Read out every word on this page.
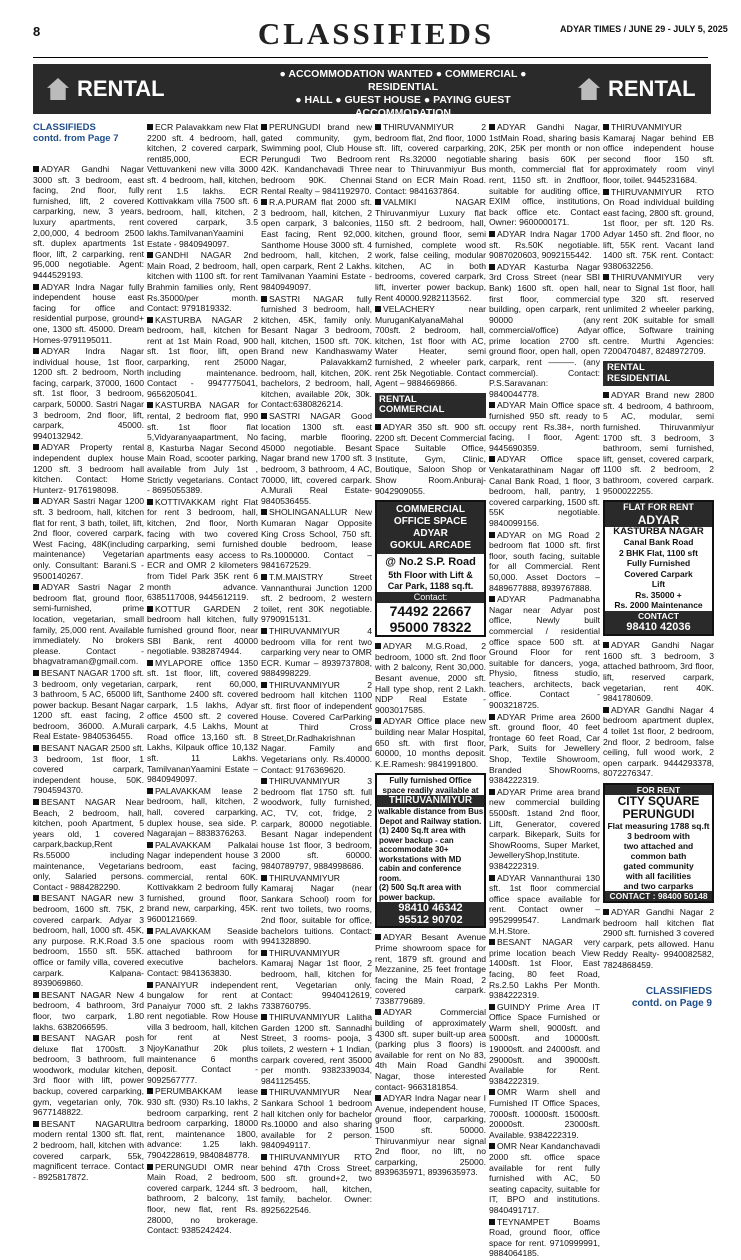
8	CLASSIFIEDS	ADYAR TIMES / JUNE 29 - JULY 5, 2025
RENTAL
● ACCOMMODATION WANTED ● COMMERCIAL ● RESIDENTIAL
● HALL ● GUEST HOUSE ● PAYING GUEST ACCOMMODATION
RENTAL
CLASSIFIEDS
contd. from Page 7
ADYAR Gandhi Nagar 3000 sft. 3 bedroom, east facing, 2nd floor, fully furnished, lift, 2 covered carparking, new, 3 years, luxury apartments, rent 2,00,000, 4 bedroom 2500 sft. duplex apartments 1st floor, lift, 2 carparking, rent 95,000 negotiable. Agent: 9444529193.
ADYAR Indra Nagar fully independent house east facing for office and residential purpose, ground+ one, 1300 sft. 45000. Dream Homes-9791195011.
ADYAR Indra Nagar individual house, 1st floor, 1200 sft. 2 bedroom, North facing, carpark, 37000, 1600 sft. 1st floor, 3 bedroom, carpark, 50000. Sastri Nagar 3 bedroom, 2nd floor, lift, carpark, 45000. 9940132942.
ADYAR Property rental independent duplex house 1200 sft. 3 bedroom hall kitchen. Contact: Home Hunterz- 9176198098.
ADYAR Sastri Nagar 1200 sft. 3 bedroom, hall, kitchen flat for rent, 3 bath, toilet, lift, 2nd floor, covered carpark, West Facing, 48K(including maintenance) Vegetarian only. Consultant: Barani.S - 9500140267.
ADYAR Sastri Nagar 2 bedroom flat, ground floor, semi-furnished, prime location, vegetarian, small family, 25,000 rent. Available immediately. No brokers please. Contact - bhagvatraman@gmail.com.
BESANT NAGAR 1700 sft. 3 bedroom, only vegetarian, 3 bathroom, 5 AC, 65000 lift, power backup. Besant Nagar 1200 sft. east facing, 2 bedroom, 36000. A.Murali Real Estate- 9840536455.
BESANT NAGAR 2500 sft. 3 bedroom, 1st floor, 1 covered carpark, independent house, 50K. 7904594370.
BESANT NAGAR Near Beach, 2 bedroom, hall, kitchen, pooh Apartment, 5 years old, 1 covered carpark,backup,Rent Rs.55000 including maintenance, Vegetarians only, Salaried persons. Contact - 9884282290.
BESANT NAGAR new 3 bedroom, 1600 sft. 75K, 2 covered carpark. Adyar 3 bedroom, hall, 1000 sft. 45K, any purpose. R.K.Road 3.5 bedroom, 1550 sft. 55K. office or family villa, covered carpark. Kalpana-8939069860.
BESANT NAGAR New 4 bedroom, 4 bathroom, 3rd floor, two carpark, 1.80 lakhs. 6382066595.
BESANT NAGAR posh deluxe flat 1700sft. 3 bedroom, 3 bathroom, full woodwork, modular kitchen, 3rd floor with lift, power backup, covered carparking, gym, vegetarian only, 70k. 9677148822.
BESANT NAGARUltra modern rental 1300 sft. flat, 2 bedroom, hall, kitchen with covered carpark, 55k, magnificent terrace. Contact - 8925817872.
ECR Palavakkam new Flat 2200 sft. 4 bedroom, hall, kitchen, 2 covered carpark, rent85,000, ECR Vettuvankeni new villa 3000 sft. 4 bedroom, hall, kitchen, rent 1.5 lakhs. ECR Kottivakkam villa 7500 sft. 6 bedroom, hall, kitchen, 2 covered carpark, 3.5 lakhs.TamilvananYaamini Estate - 9840949097.
GANDHI NAGAR 2nd Main Road, 2 bedroom, hall, kitchen with 1100 sft. for rent Brahmin families only, Rent Rs.35000/per month. Contact: 9791819332.
KASTURBA NAGAR 2 bedroom, hall, kitchen for rent at 1st Main Road, 900 sft. 1st floor, lift, open carparking, rent 25000 including maintenance. Contact - 9947775041, 9656205041.
KASTURBA NAGAR for rental, 2 bedroom flat, 990 sft. 1st floor flat 5,Vidyaranyaapartment, No 8, Kasturba Nagar Second Main Road, scooter parking, available from July 1st , Strictly vegetarians. Contact - 8695055389.
KOTTIVAKKAM right Flat for rent 3 bedroom, hall, kitchen, 2nd floor, North facing with two covered carparking, semi furnished apartments easy access to ECR and OMR 2 kilometers from Tidel Park 35K rent 6 month advance. 6385117008, 9445612119.
KOTTUR GARDEN 2 bedroom hall kitchen, fully furnished ground floor, near SBI Bank, rent 40000 negotiable. 9382874944.
MYLAPORE office 1350 sft. 1st floor, lift, covered carpark, rent 60,000, Santhome 2400 sft. covered carpark, 1.5 lakhs, Adyar office 4500 sft. 2 covered carpark, 4.5 Lakhs, Mount Road office 13,160 sft. 8 Lakhs, Kilpauk office 10,132 sft. 11 Lakhs. TamilvananYaamini Estate – 9840949097.
PALAVAKKAM lease 2 bedroom, hall, kitchen, 2 hall, covered carparking, duplex house, sea side. P. Nagarajan – 8838376263.
PALAVAKKAM Palkalai Nagar independent house 3 bedroom, east facing, commercial, rental 60K. Kottivakkam 2 bedroom fully furnished, ground floor, brand new, carparking, 45K. 9600121669.
PALAVAKKAM Seaside one spacious room with attached bathroom for executive bachelors. Contact: 9841363830.
PANAIYUR independent bungalow for rent at Panaiyur 7000 sft. 2 lakhs rent negotiable. Row House villa 3 bedroom, hall, kitchen for rent at Nest NjoyKanathur 20k plus maintenance 6 months deposit. Contact - 9092567777.
PERUMBAKKAM lease 930 sft. (930) Rs.10 lakhs, 2 bedroom carparking, rent 2 bedroom carparking, 18000 rent, maintenance 1800, advance: 1.25 lakh. 7904228619, 9840848778.
PERUNGUDI OMR near Main Road, 2 bedroom, covered carpark, 1244 sft. 3 bathroom, 2 balcony, 1st floor, new flat, rent Rs. 28000, no brokerage. Contact: 9385242424.
PERUNGUDI brand new gated community, gym, Swimming pool, Club House Perungudi Two Bedroom 42K. Kandanchavadi Three bedroom 90K. Chennai Rental Realty – 9841192970.
R.A.PURAM flat 2000 sft. 3 bedroom, hall, kitchen, 2 open carpark, 3 balconies, East facing, Rent 92,000. Santhome House 3000 sft. 4 bedroom, hall, kitchen, 2 open carpark, Rent 2 Lakhs. Tamilvanan Yaamini Estate - 9840949097.
SASTRI NAGAR fully furnished 3 bedroom, hall, kitchen, 45K, family only. Besant Nagar 3 bedroom, hall, kitchen, 1500 sft. 70K. Brand new Kandhaswamy Nagar, Palavakkam2 bedroom, hall, kitchen, 20K. bachelors, 2 bedroom, hall, kitchen, available 20k, 30k. Contact:6380826214.
SASTRI NAGAR Good location 1300 sft. east facing, marble flooring, 45000 negotiable. Besant Nagar brand new 1700 sft. 3 bedroom, 3 bathroom, 4 AC, 70000, lift, covered carpark. A.Murali Real Estate- 9840536455.
SHOLINGANALLUR New Kumaran Nagar Opposite King Cross School, 750 sft. double bedroom, lease Rs.1000000. Contact – 9841672529.
T.M.MAISTRY Street Vannanthurai Junction 1200 sft. 2 bedroom, 2 western toilet, rent 30K negotiable. 9790915131.
THIRUVANMIYUR 4 bedroom villa for rent two carparking very near to OMR ECR. Kumar – 8939737808, 9884998229.
THIRUVANMIYUR 2 bedroom hall kitchen 1100 sft. first floor of independent House. Covered CarParking at Third Cross Street,Dr.Radhakrishnan Nagar. Family and Vegetarians only. Rs.40000. Contact: 9176369620.
THIRUVANMIYUR 3 bedroom flat 1750 sft. full woodwork, fully furnished, AC, TV, cot, fridge, 2 carpark, 80000 negotiable. Besant Nagar independent house 1st floor, 3 bedroom, 2000 sft. 60000. 9840789797, 9884998686.
THIRUVANMIYUR Kamaraj Nagar (near Sankara School) room for rent two toilets, two rooms, 2nd floor, suitable for office, bachelors tuitions. Contact: 9941328890.
THIRUVANMIYUR Kamaraj Nagar 1st floor, 2 bedroom, hall, kitchen for rent, Vegetarian only. Contact: 9940412619, 7338760795.
THIRUVANMIYUR Lalitha Garden 1200 sft. Sannadhi Street, 3 rooms- pooja, 3 toilets, 2 western + 1 Indian, carpark covered, rent 35000 per month. 9382339034, 9841125455.
THIRUVANMIYUR Near Sankara School 1 bedroom hall kitchen only for bachelor Rs.10000 and also sharing available for 2 person. 9840949117.
THIRUVANMIYUR RTO behind 47th Cross Street, 500 sft. ground+2, two bedroom, hall, kitchen, family, bachelor. Owner: 8925622546.
THIRUVANMIYUR 2 bedroom flat, 2nd floor, 1000 sft. lift, covered carparking, rent Rs.32000 negotiable near to Thiruvanmiyur Bus Stand on ECR Main Road. Contact: 9841637864.
VALMIKI NAGAR Thiruvanmiyur Luxury flat 1150 sft. 2 bedroom, hall, kitchen, ground floor, semi furnished, complete wood work, false ceiling, modular kitchen, AC in both bedrooms, covered carpark, lift, inverter power backup, Rent 40000.9282113562.
VELACHERY near MuruganKalyanaMahal 700sft. 2 bedroom, hall, kitchen, 1st floor with AC, Water Heater, semi furnished, 2 wheeler park, rent 25k Negotiable. Contact Agent – 9884669866.
RENTAL COMMERCIAL
ADYAR 350 sft. 900 sft. 2200 sft. Decent Commercial Space Suitable Office, Institute, Gym, Clinic, Boutique, Saloon Shop or Show Room.Anburaj- 9042909055.
COMMERCIAL
OFFICE SPACE
ADYAR
GOKUL ARCADE
@ No.2 S.P. Road
5th Floor with Lift &
Car Park, 1188 sq.ft.
Contact:
74492 22667
95000 78322
ADYAR M.G.Road, 2 bedroom, 1000 sft. 2nd floor with 2 balcony, Rent 30,000. Besant avenue, 2000 sft. Hall type shop, rent 2 Lakh. NDP Real Estate - 9003017585.
ADYAR Office place new building near Malar Hospital, 650 sft. with first floor, 60000, 10 months deposit. K.E.Ramesh: 9841991800.
Fully furnished Office space readily available at
THIRUVANMIYUR
walkable distance from Bus Depot and Railway station.
(1) 2400 Sq.ft area with power backup - can accommodate 30+ workstations with MD cabin and conference room.
(2) 500 Sq.ft area with power backup.
98410 46342
95512 90702
ADYAR Besant Avenue Prime showroom space for rent, 1879 sft. ground and Mezzanine, 25 feet frontage facing the Main Road, 2 covered carpark. 7338779689.
ADYAR Commercial building of approximately 4300 sft. super built-up area (parking plus 3 floors) is available for rent on No 83, 4th Main Road Gandhi Nagar, those interested contact- 9663181854.
ADYAR Indra Nagar near I Avenue, independent house, ground floor, carparking, 1500 sft. 50000. Thiruvanmiyur near signal 2nd floor, no lift, no carparking, 25000. 8939635971, 8939635973.
ADYAR Gandhi Nagar, 1stMain Road, sharing basis 20K, 25K per month or non sharing basis 60K per month, commercial flat for rent, 1150 sft. in 2ndfloor, suitable for auditing office, EXIM office, institutions, back office etc. Contact Owner: 9600000171.
ADYAR Indra Nagar 1700 sft. Rs.50K negotiable. 9087020603, 9092155442.
ADYAR Kasturba Nagar 3rd Cross Street (near SBI Bank) 1600 sft. open hall, first floor, commercial building, open carpark, rent 90000 (any commercial/office) Adyar prime location 2700 sft. ground floor, open hall, open carpark, rent ———. (any commercial). Contact: P.S.Saravanan: 9840044778.
ADYAR Main Office space furnished 950 sft. ready to occupy rent Rs.38+, north facing, I floor, Agent: 9445690359.
ADYAR Office space Venkatarathinam Nagar off Canal Bank Road, 1 floor, 3 bedroom, hall, pantry, 1 covered carparking, 1500 sft. 55K negotiable. 9840099156.
ADYAR on MG Road 2 bedroom flat 1000 sft. first floor, south facing, suitable for all Commercial. Rent 50,000. Asset Doctors – 8489677888, 8939767888.
ADYAR Padmanabha Nagar near Adyar post office, Newly built commercial / residential office space 500 sft. at Ground Floor for rent suitable for dancers, yoga, Physio, fitness studio, teachers, architects, back office. Contact - 9003218725.
ADYAR Prime area 2600 sft. ground floor, 40 feet frontage 60 feet Road, Car Park, Suits for Jewellery Shop, Textile Showroom, Branded ShowRooms, 9384222319.
ADYAR Prime area brand new commercial building 5500sft. 1stand 2nd floor, Lift, Generator, covered carpark. Bikepark, Suits for ShowRooms, Super Market, JewelleryShop,Institute. 9384222319.
ADYAR Vannanthurai 130 sft. 1st floor commercial office space available for rent. Contact owner – 9952999547. Landmark M.H.Store.
BESANT NAGAR very prime location beach View 1400sft. 1st Floor, East facing, 80 feet Road, Rs.2.50 Lakhs Per Month. 9384222319.
GUINDY Prime Area IT Office Space Furnished or Warm shell, 9000sft. and 5000sft. and 10000sft. 19000sft. and 24000sft. and 29000sft. and 39000sft. Available for Rent. 9384222319.
OMR Warm shell and Furnished IT Office Spaces, 7000sft. 10000sft. 15000sft. 20000sft. 23000sft. Available. 9384222319.
OMR Near Kandanchavadi 2000 sft. office space available for rent fully furnished with AC, 50 seating capacity, suitable for IT, BPO and institutions. 9840491717.
TEYNAMPET Boams Road, ground floor, office space for rent. 9710999991, 9884064185.
THIRUVANMIYUR Kamaraj Nagar behind EB office independent house second floor 150 sft. approximately room vinyl floor, toilet. 9445231684.
THIRUVANMIYUR RTO On Road individual building east facing, 2800 sft. ground, 1st floor, per sft. 120 Rs. Adyar 1450 sft. 2nd floor, no lift, 55K rent. Vacant land 1400 sft. 75K rent. Contact: 9380632256.
THIRUVANMIYUR very near to Signal 1st floor, hall type 320 sft. reserved unlimited 2 wheeler parking, rent 20K suitable for small office, Software training centre. Murthi Agencies: 7200470487, 8248972709.
RENTAL RESIDENTIAL
ADYAR Brand new 2800 sft. 4 bedroom, 4 bathroom, 5 AC, modular, semi furnished. Thiruvanmiyur 1700 sft. 3 bedroom, 3 bathroom, semi furnished, lift, genset, covered carpark, 1100 sft. 2 bedroom, 2 bathroom, covered carpark. 9500022255.
FLAT FOR RENT
ADYAR
KASTURBA NAGAR
Canal Bank Road
2 BHK Flat, 1100 sft
Fully Furnished
Covered Carpark
Lift
Rs. 35000 +
Rs. 2000 Maintenance
CONTACT
98410 42036
ADYAR Gandhi Nagar 1600 sft. 3 bedroom, 3 attached bathroom, 3rd floor, lift, reserved carpark, vegetarian, rent 40K. 9841780609.
ADYAR Gandhi Nagar 4 bedroom apartment duplex, 4 toilet 1st floor, 2 bedroom, 2nd floor, 2 bedroom, false ceiling, full wood work, 2 open carpark. 9444293378, 8072276347.
FOR RENT
CITY SQUARE
PERUNGUDI
Flat measuring 1788 sq.ft
3 bedroom with
two attached and
common bath
gated community
with all facilities
and two carparks
CONTACT : 98400 50148
ADYAR Gandhi Nagar 2 bedroom hall kitchen flat 2900 sft. furnished 3 covered carpark, pets allowed. Hanu Reddy Realty- 9940082582, 7824868459.
CLASSIFIEDS
contd. on Page 9
